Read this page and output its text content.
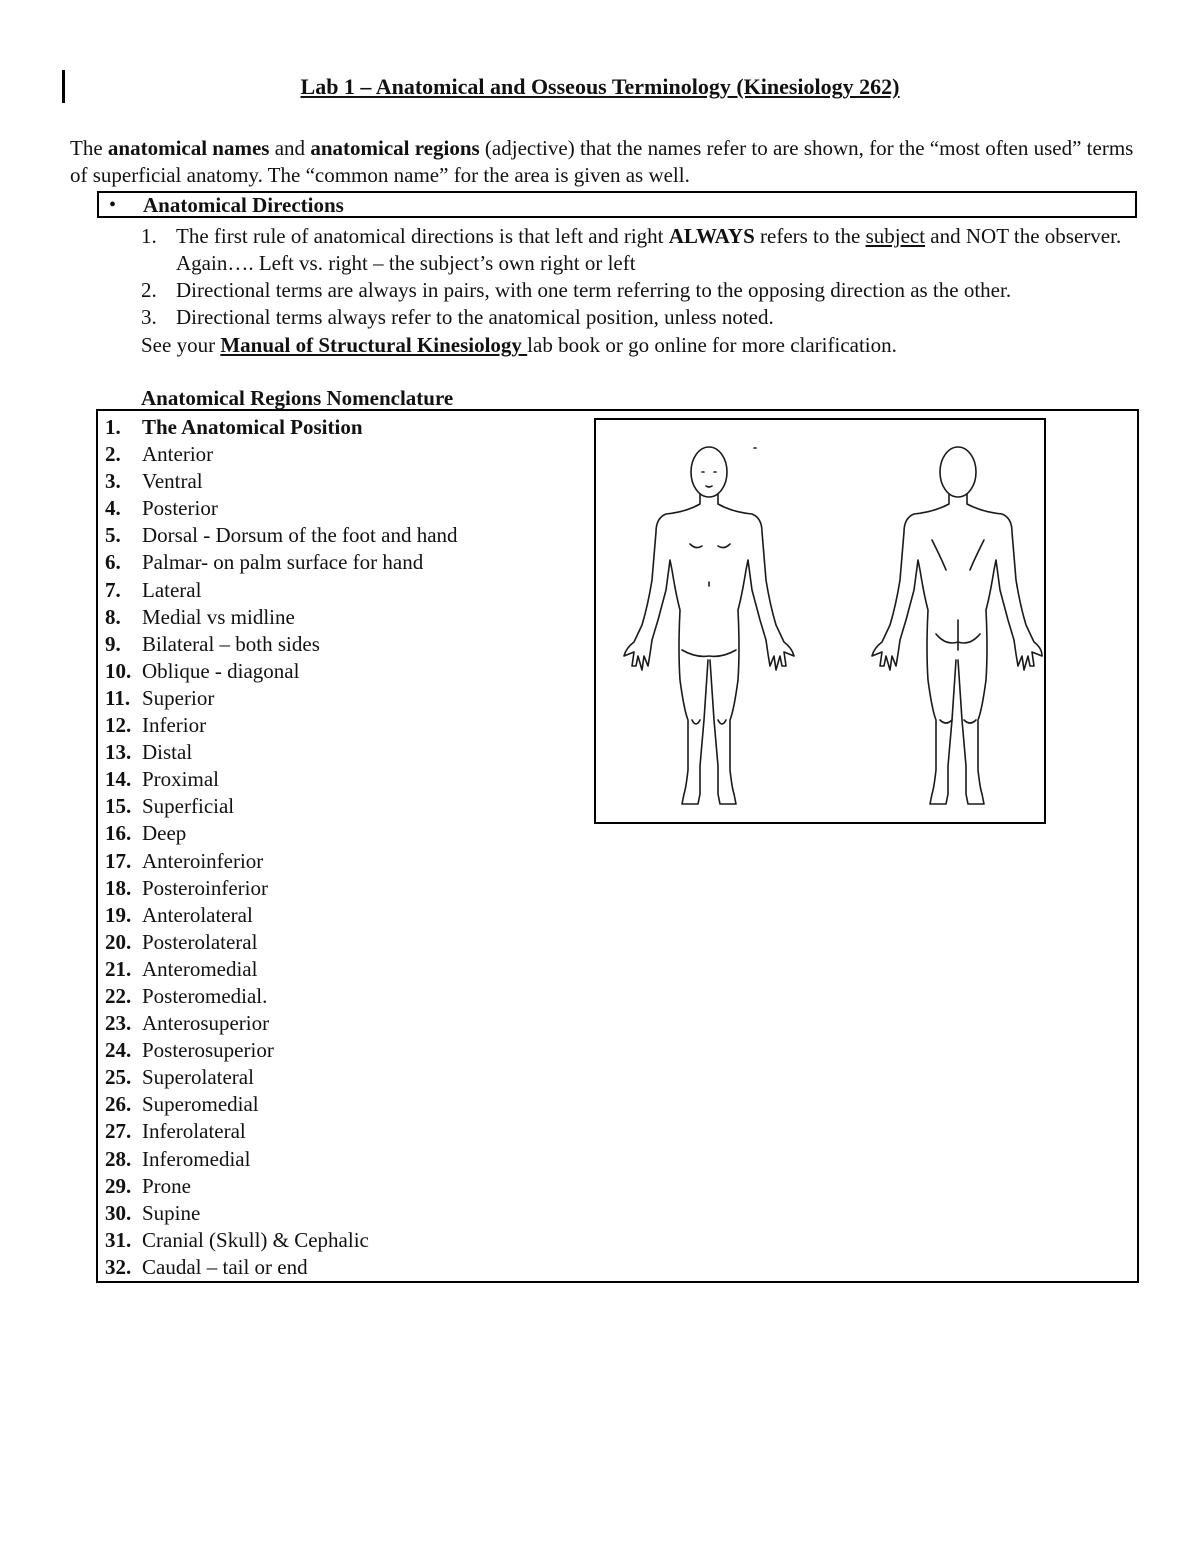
Lab 1 – Anatomical and Osseous Terminology (Kinesiology 262)
The anatomical names and anatomical regions (adjective) that the names refer to are shown, for the “most often used” terms of superficial anatomy. The “common name” for the area is given as well.
• Anatomical Directions
1. The first rule of anatomical directions is that left and right ALWAYS refers to the subject and NOT the observer. Again…. Left vs. right – the subject’s own right or left
2. Directional terms are always in pairs, with one term referring to the opposing direction as the other.
3. Directional terms always refer to the anatomical position, unless noted.
See your Manual of Structural Kinesiology lab book or go online for more clarification.
Anatomical Regions Nomenclature
1. The Anatomical Position
2. Anterior
3. Ventral
4. Posterior
5. Dorsal - Dorsum of the foot and hand
6. Palmar- on palm surface for hand
7. Lateral
8. Medial vs midline
9. Bilateral – both sides
10. Oblique - diagonal
11. Superior
12. Inferior
13. Distal
14. Proximal
15. Superficial
16. Deep
17. Anteroinferior
18. Posteroinferior
19. Anterolateral
20. Posterolateral
21. Anteromedial
22. Posteromedial.
23. Anterosuperior
24. Posterosuperior
25. Superolateral
26. Superomedial
27. Inferolateral
28. Inferomedial
29. Prone
30. Supine
31. Cranial (Skull) & Cephalic
32. Caudal – tail or end
